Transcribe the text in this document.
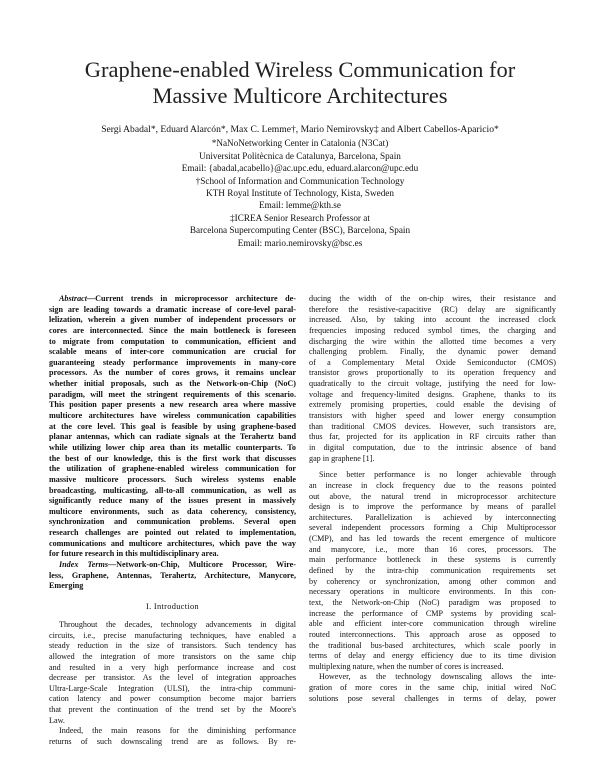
Graphene-enabled Wireless Communication for
Massive Multicore Architectures
Sergi Abadal*, Eduard Alarcón*, Max C. Lemme†, Mario Nemirovsky‡ and Albert Cabellos-Aparicio*
*NaNoNetworking Center in Catalonia (N3Cat)
Universitat Politècnica de Catalunya, Barcelona, Spain
Email: {abadal,acabello}@ac.upc.edu, eduard.alarcon@upc.edu
†School of Information and Communication Technology
KTH Royal Institute of Technology, Kista, Sweden
Email: lemme@kth.se
‡ICREA Senior Research Professor at
Barcelona Supercomputing Center (BSC), Barcelona, Spain
Email: mario.nemirovsky@bsc.es
Abstract—Current trends in microprocessor architecture de-
sign are leading towards a dramatic increase of core-level paral-
lelization, wherein a given number of independent processors or
cores are interconnected. Since the main bottleneck is foreseen
to migrate from computation to communication, efficient and
scalable means of inter-core communication are crucial for
guaranteeing steady performance improvements in many-core
processors. As the number of cores grows, it remains unclear
whether initial proposals, such as the Network-on-Chip (NoC)
paradigm, will meet the stringent requirements of this scenario.
This position paper presents a new research area where massive
multicore architectures have wireless communication capabilities
at the core level. This goal is feasible by using graphene-based
planar antennas, which can radiate signals at the Terahertz band
while utilizing lower chip area than its metallic counterparts. To
the best of our knowledge, this is the first work that discusses
the utilization of graphene-enabled wireless communication for
massive multicore processors. Such wireless systems enable
broadcasting, multicasting, all-to-all communication, as well as
significantly reduce many of the issues present in massively
multicore environments, such as data coherency, consistency,
synchronization and communication problems. Several open
research challenges are pointed out related to implementation,
communications and multicore architectures, which pave the way
for future research in this multidisciplinary area.
Index Terms—Network-on-Chip, Multicore Processor, Wire-
less, Graphene, Antennas, Terahertz, Architecture, Manycore,
Emerging
I. Introduction
Throughout the decades, technology advancements in digital
circuits, i.e., precise manufacturing techniques, have enabled a
steady reduction in the size of transistors. Such tendency has
allowed the integration of more transistors on the same chip
and resulted in a very high performance increase and cost
decrease per transistor. As the level of integration approaches
Ultra-Large-Scale Integration (ULSI), the intra-chip communi-
cation latency and power consumption become major barriers
that prevent the continuation of the trend set by the Moore's
Law.
Indeed, the main reasons for the diminishing performance
returns of such downscaling trend are as follows. By re-
ducing the width of the on-chip wires, their resistance and
therefore the resistive-capacitive (RC) delay are significantly
increased. Also, by taking into account the increased clock
frequencies imposing reduced symbol times, the charging and
discharging the wire within the allotted time becomes a very
challenging problem. Finally, the dynamic power demand
of a Complementary Metal Oxide Semiconductor (CMOS)
transistor grows proportionally to its operation frequency and
quadratically to the circuit voltage, justifying the need for low-
voltage and frequency-limited designs. Graphene, thanks to its
extremely promising properties, could enable the devising of
transistors with higher speed and lower energy consumption
than traditional CMOS devices. However, such transistors are,
thus far, projected for its application in RF circuits rather than
in digital computation, due to the intrinsic absence of band
gap in graphene [1].
Since better performance is no longer achievable through
an increase in clock frequency due to the reasons pointed
out above, the natural trend in microprocessor architecture
design is to improve the performance by means of parallel
architectures. Parallelization is achieved by interconnecting
several independent processors forming a Chip Multiprocessor
(CMP), and has led towards the recent emergence of multicore
and manycore, i.e., more than 16 cores, processors. The
main performance bottleneck in these systems is currently
defined by the intra-chip communication requirements set
by coherency or synchronization, among other common and
necessary operations in multicore environments. In this con-
text, the Network-on-Chip (NoC) paradigm was proposed to
increase the performance of CMP systems by providing scal-
able and efficient inter-core communication through wireline
routed interconnections. This approach arose as opposed to
the traditional bus-based architectures, which scale poorly in
terms of delay and energy efficiency due to its time division
multiplexing nature, when the number of cores is increased.
However, as the technology downscaling allows the inte-
gration of more cores in the same chip, initial wired NoC
solutions pose several challenges in terms of delay, power
